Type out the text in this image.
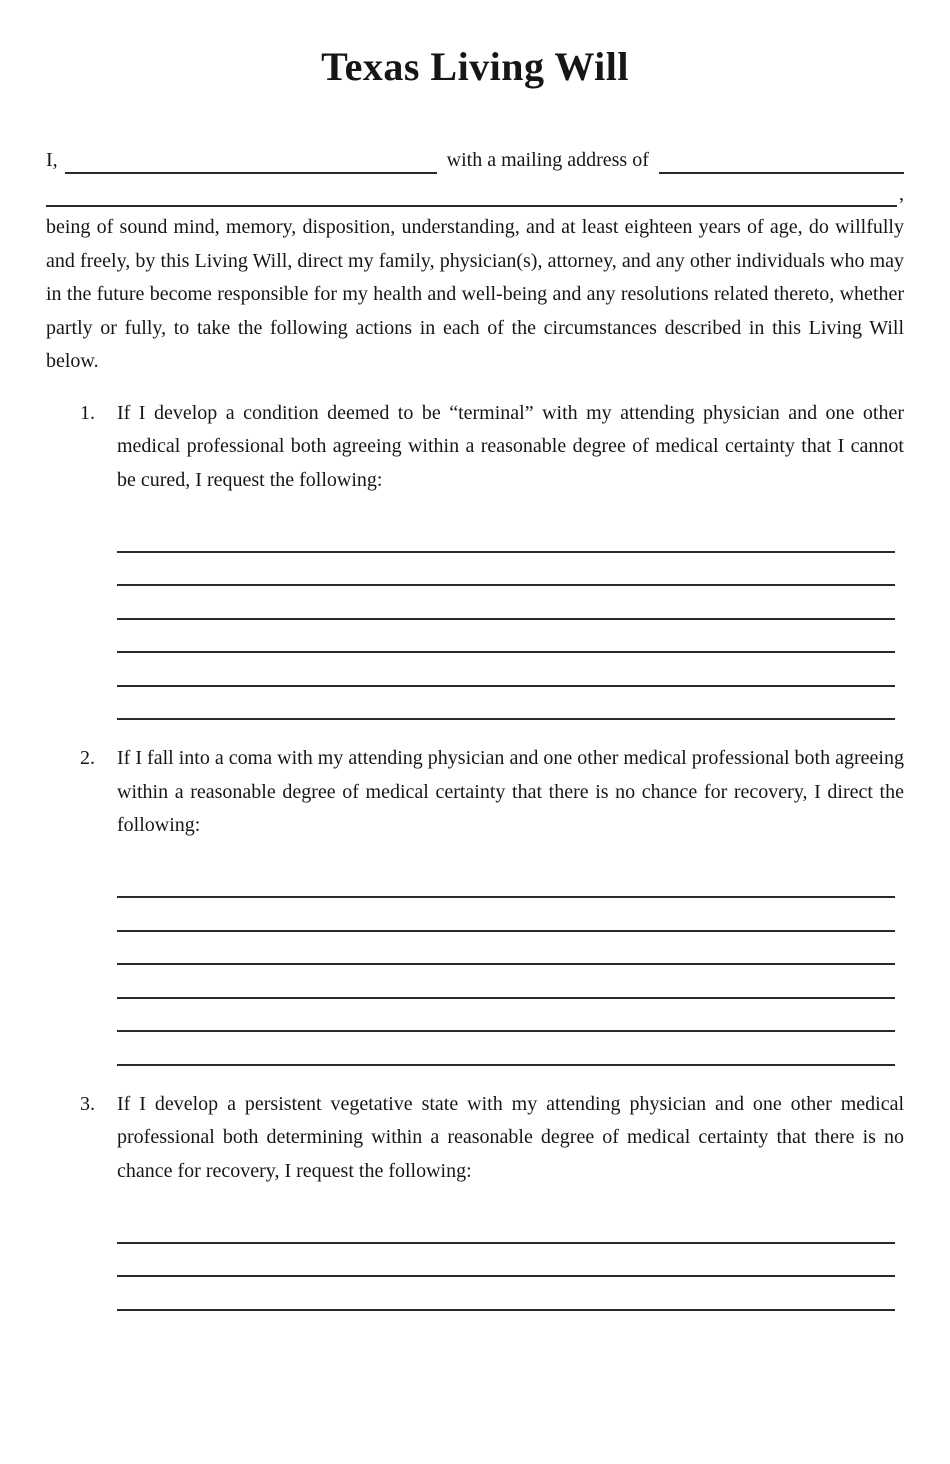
Texas Living Will
I,	with a mailing address of
,
being of sound mind, memory, disposition, understanding, and at least eighteen years of age, do willfully and freely, by this Living Will, direct my family, physician(s), attorney, and any other individuals who may in the future become responsible for my health and well-being and any resolutions related thereto, whether partly or fully, to take the following actions in each of the circumstances described in this Living Will below.
1.	If I develop a condition deemed to be “terminal” with my attending physician and one other medical professional both agreeing within a reasonable degree of medical certainty that I cannot be cured, I request the following:
2.	If I fall into a coma with my attending physician and one other medical professional both agreeing within a reasonable degree of medical certainty that there is no chance for recovery, I direct the following:
3.	If I develop a persistent vegetative state with my attending physician and one other medical professional both determining within a reasonable degree of medical certainty that there is no chance for recovery, I request the following:
